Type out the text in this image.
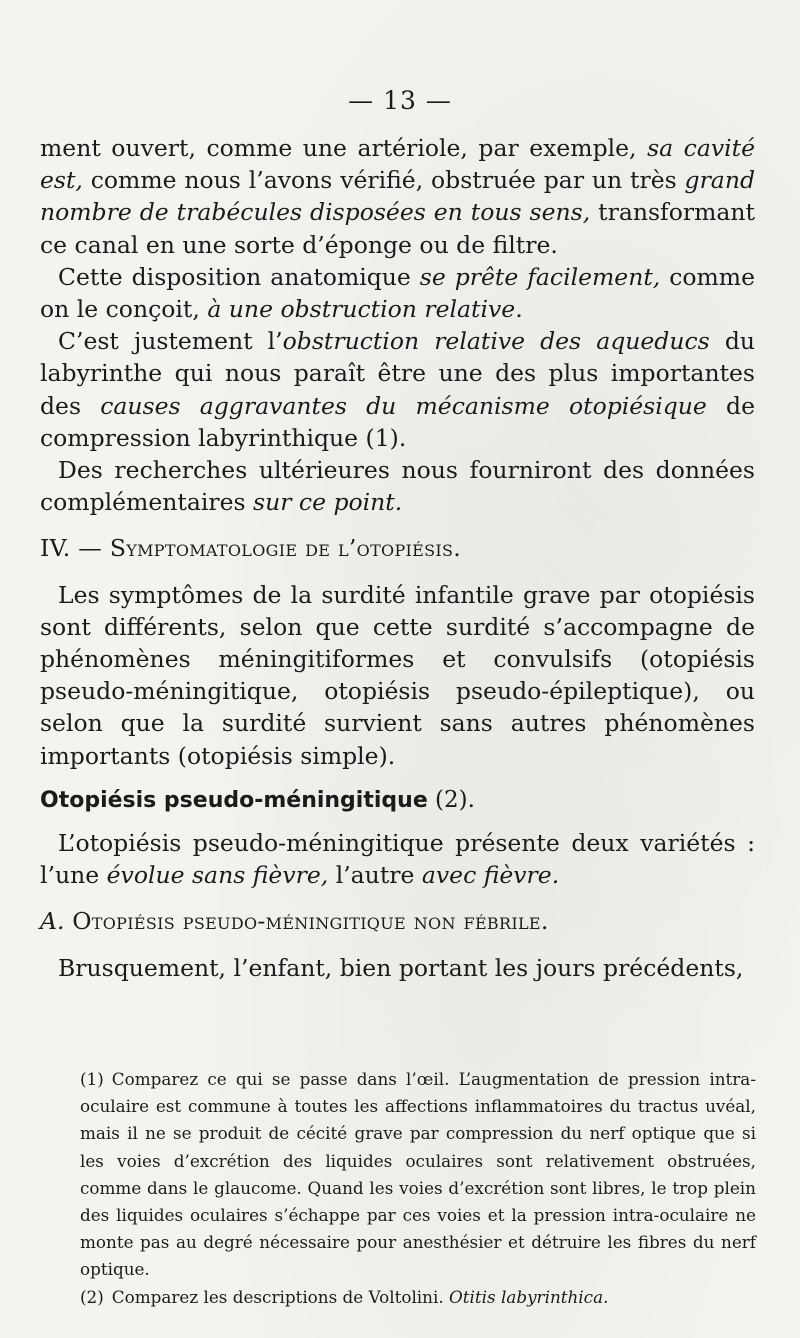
— 13 —

ment ouvert, comme une artériole, par exemple, sa cavité est, comme nous l’avons vérifié, obstruée par un très grand nombre de trabécules disposées en tous sens, transformant ce canal en une sorte d’éponge ou de filtre.

Cette disposition anatomique se prête facilement, comme on le conçoit, à une obstruction relative.

C’est justement l’obstruction relative des aqueducs du labyrinthe qui nous paraît être une des plus importantes des causes aggravantes du mécanisme otopiésique de compression labyrinthique (1).

Des recherches ultérieures nous fourniront des données complémentaires sur ce point.

IV. — Symptomatologie de l’otopiésis.

Les symptômes de la surdité infantile grave par otopiésis sont différents, selon que cette surdité s’accompagne de phénomènes méningitiformes et convulsifs (otopiésis pseudo-méningitique, otopiésis pseudo-épileptique), ou selon que la surdité survient sans autres phénomènes importants (otopiésis simple).

Otopiésis pseudo-méningitique (2).

L’otopiésis pseudo-méningitique présente deux variétés : l’une évolue sans fièvre, l’autre avec fièvre.

A. Otopiésis pseudo-méningitique non fébrile.

Brusquement, l’enfant, bien portant les jours précédents,

(1) Comparez ce qui se passe dans l’œil. L’augmentation de pression intra-oculaire est commune à toutes les affections inflammatoires du tractus uvéal, mais il ne se produit de cécité grave par compression du nerf optique que si les voies d’excrétion des liquides oculaires sont relativement obstruées, comme dans le glaucome. Quand les voies d’excrétion sont libres, le trop plein des liquides oculaires s’échappe par ces voies et la pression intra-oculaire ne monte pas au degré nécessaire pour anesthésier et détruire les fibres du nerf optique.

(2) Comparez les descriptions de Voltolini. Otitis labyrinthica.
